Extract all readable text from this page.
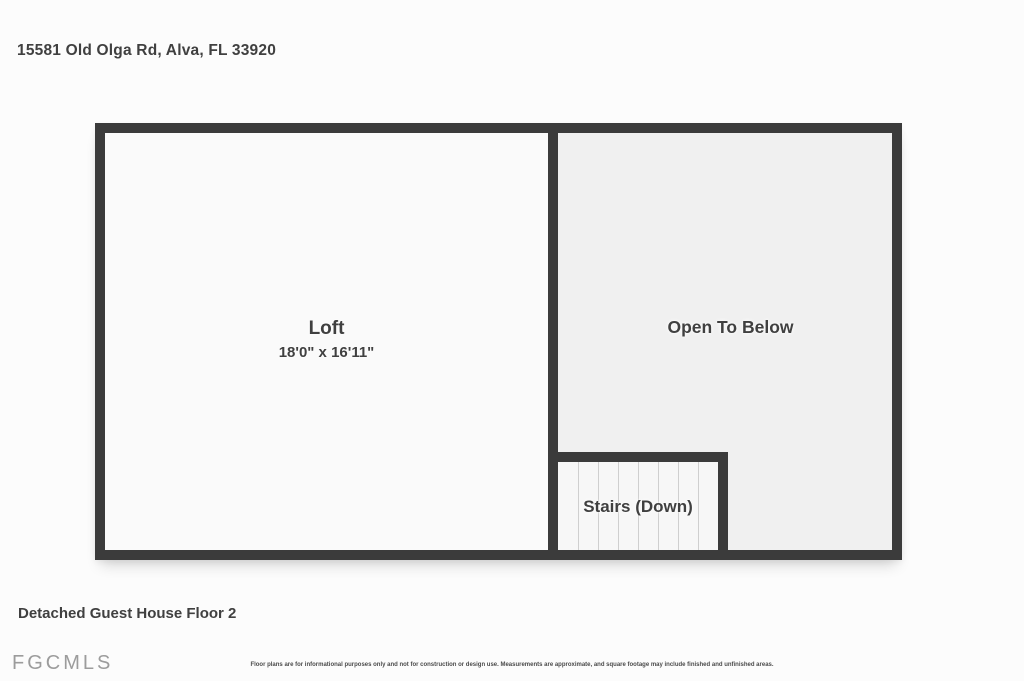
15581 Old Olga Rd, Alva, FL 33920
Loft
18'0" x 16'11"
Open To Below
Stairs (Down)
Detached Guest House Floor 2
FGCMLS	Floor plans are for informational purposes only and not for construction or design use. Measurements are approximate, and square footage may include finished and unfinished areas.
